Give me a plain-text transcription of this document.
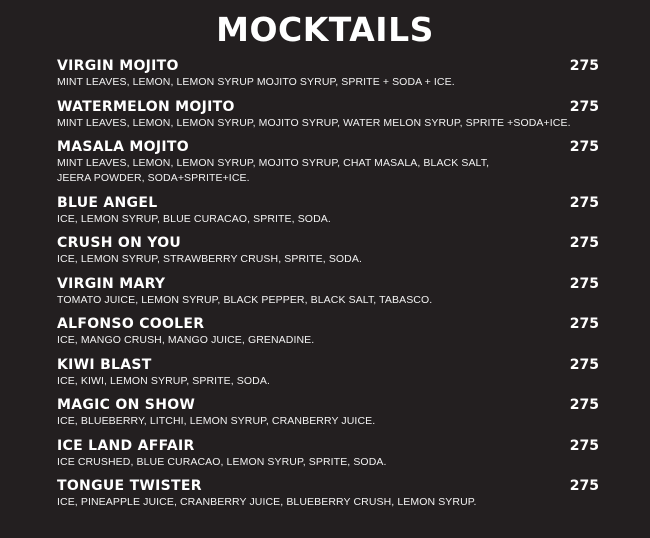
MOCKTAILS
VIRGIN MOJITO	275
MINT LEAVES, LEMON, LEMON SYRUP MOJITO SYRUP, SPRITE + SODA + ICE.
WATERMELON MOJITO	275
MINT LEAVES, LEMON, LEMON SYRUP, MOJITO SYRUP, WATER MELON SYRUP, SPRITE +SODA+ICE.
MASALA MOJITO	275
MINT LEAVES, LEMON, LEMON SYRUP, MOJITO SYRUP, CHAT MASALA, BLACK SALT,
JEERA POWDER, SODA+SPRITE+ICE.
BLUE ANGEL	275
ICE, LEMON SYRUP, BLUE CURACAO, SPRITE, SODA.
CRUSH ON YOU	275
ICE, LEMON SYRUP, STRAWBERRY CRUSH, SPRITE, SODA.
VIRGIN MARY	275
TOMATO JUICE, LEMON SYRUP, BLACK PEPPER, BLACK SALT, TABASCO.
ALFONSO COOLER	275
ICE, MANGO CRUSH, MANGO JUICE, GRENADINE.
KIWI BLAST	275
ICE, KIWI, LEMON SYRUP, SPRITE, SODA.
MAGIC ON SHOW	275
ICE, BLUEBERRY, LITCHI, LEMON SYRUP, CRANBERRY JUICE.
ICE LAND AFFAIR	275
ICE CRUSHED, BLUE CURACAO, LEMON SYRUP, SPRITE, SODA.
TONGUE TWISTER	275
ICE, PINEAPPLE JUICE, CRANBERRY JUICE, BLUEBERRY CRUSH, LEMON SYRUP.
